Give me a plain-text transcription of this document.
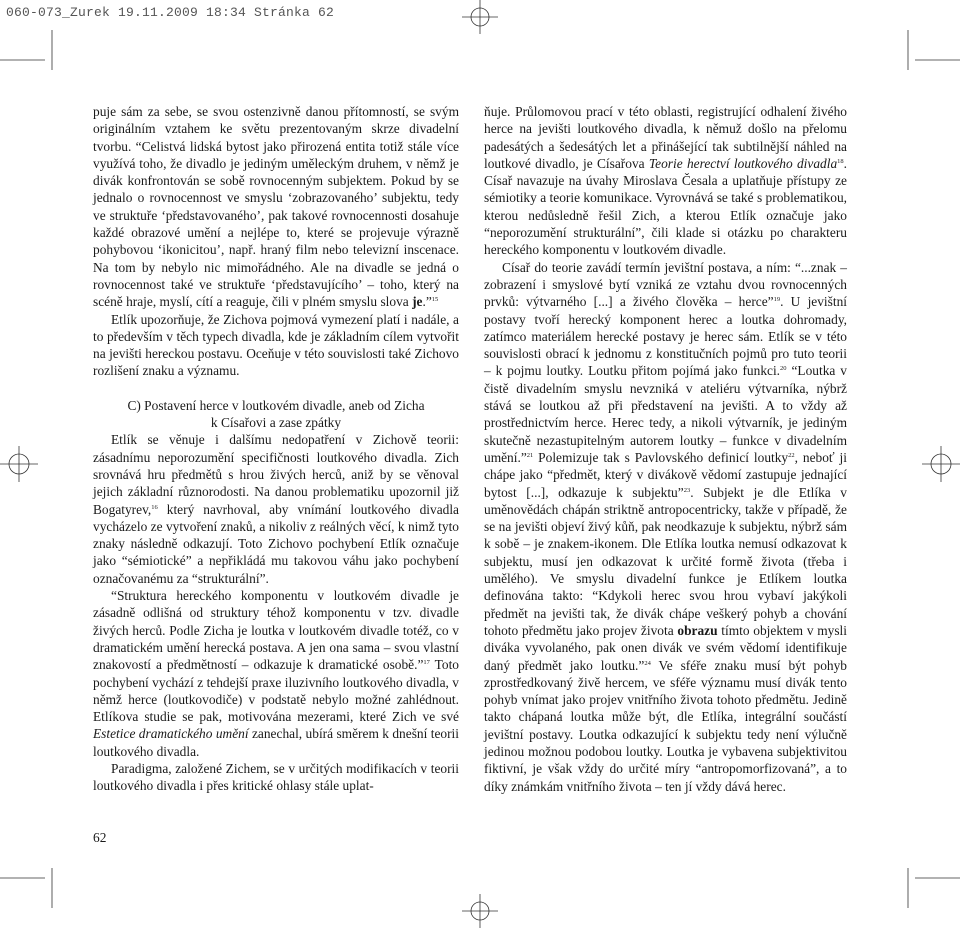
060-073_Zurek 19.11.2009 18:34 Stránka 62

puje sám za sebe, se svou ostenzivně danou přítomností, se svým originálním vztahem ke světu prezentovaným skrze divadelní tvorbu. “Celistvá lidská bytost jako přirozená entita totiž stále více využívá toho, že divadlo je jediným uměleckým druhem, v němž je divák konfrontován se sobě rovnocenným subjektem. Pokud by se jednalo o rovnocennost ve smyslu ‘zobrazovaného’ subjektu, tedy ve struktuře ‘představovaného’, pak takové rovnocennosti dosahuje každé obrazové umění a nejlépe to, které se projevuje výrazně pohybovou ‘ikonicitou’, např. hraný film nebo televizní inscenace. Na tom by nebylo nic mimořádného. Ale na divadle se jedná o rovnocennost také ve struktuře ‘představujícího’ – toho, který na scéně hraje, myslí, cítí a reaguje, čili v plném smyslu slova je.”$^{15}$

Etlík upozorňuje, že Zichova pojmová vymezení platí i nadále, a to především v těch typech divadla, kde je základním cílem vytvořit na jevišti hereckou postavu. Oceňuje v této souvislosti také Zichovo rozlišení znaku a významu.

C) Postavení herce v loutkovém divadle, aneb od Zicha
k Císařovi a zase zpátky

Etlík se věnuje i dalšímu nedopatření v Zichově teorii: zásadnímu neporozumění specifičnosti loutkového divadla. Zich srovnává hru předmětů s hrou živých herců, aniž by se věnoval jejich základní různorodosti. Na danou problematiku upozornil již Bogatyrev,$^{16}$ který navrhoval, aby vnímání loutkového divadla vycházelo ze vytvoření znaků, a nikoliv z reálných věcí, k nimž tyto znaky následně odkazují. Toto Zichovo pochybení Etlík označuje jako “sémiotické” a nepřikládá mu takovou váhu jako pochybení označovanému za “strukturální”.

“Struktura hereckého komponentu v loutkovém divadle je zásadně odlišná od struktury téhož komponentu v tzv. divadle živých herců. Podle Zicha je loutka v loutkovém divadle totéž, co v dramatickém umění herecká postava. A jen ona sama – svou vlastní znakovostí a předmětností – odkazuje k dramatické osobě.”$^{17}$ Toto pochybení vychází z tehdejší praxe iluzivního loutkového divadla, v němž herce (loutkovodiče) v podstatě nebylo možné zahlédnout. Etlíkova studie se pak, motivována mezerami, které Zich ve své Estetice dramatického umění zanechal, ubírá směrem k dnešní teorii loutkového divadla.

Paradigma, založené Zichem, se v určitých modifikacích v teorii loutkového divadla i přes kritické ohlasy stále uplat-

ňuje. Průlomovou prací v této oblasti, registrující odhalení živého herce na jevišti loutkového divadla, k němuž došlo na přelomu padesátých a šedesátých let a přinášející tak subtilnější náhled na loutkové divadlo, je Císařova Teorie herectví loutkového divadla$^{18}$. Císař navazuje na úvahy Miroslava Česala a uplatňuje přístupy ze sémiotiky a teorie komunikace. Vyrovnává se také s problematikou, kterou nedůsledně řešil Zich, a kterou Etlík označuje jako “neporozumění strukturální”, čili klade si otázku po charakteru hereckého komponentu v loutkovém divadle.

Císař do teorie zavádí termín jevištní postava, a ním: “...znak – zobrazení i smyslové bytí vzniká ze vztahu dvou rovnocenných prvků: výtvarného [...] a živého člověka – herce”$^{19}$. U jevištní postavy tvoří herecký komponent herec a loutka dohromady, zatímco materiálem herecké postavy je herec sám. Etlík se v této souvislosti obrací k jednomu z konstitučních pojmů pro tuto teorii – k pojmu loutky. Loutku přitom pojímá jako funkci.$^{20}$ “Loutka v čistě divadelním smyslu nevzniká v ateliéru výtvarníka, nýbrž stává se loutkou až při představení na jevišti. A to vždy až prostřednictvím herce. Herec tedy, a nikoli výtvarník, je jediným skutečně nezastupitelným autorem loutky – funkce v divadelním umění.”$^{21}$ Polemizuje tak s Pavlovského definicí loutky$^{22}$, neboť ji chápe jako “předmět, který v divákově vědomí zastupuje jednající bytost [...], odkazuje k subjektu”$^{23}$. Subjekt je dle Etlíka v uměnovědách chápán striktně antropocentricky, takže v případě, že se na jevišti objeví živý kůň, pak neodkazuje k subjektu, nýbrž sám k sobě – je znakem-ikonem. Dle Etlíka loutka nemusí odkazovat k subjektu, musí jen odkazovat k určité formě života (třeba i umělého). Ve smyslu divadelní funkce je Etlíkem loutka definována takto: “Kdykoli herec svou hrou vybaví jakýkoli předmět na jevišti tak, že divák chápe veškerý pohyb a chování tohoto předmětu jako projev života obrazu tímto objektem v mysli diváka vyvolaného, pak onen divák ve svém vědomí identifikuje daný předmět jako loutku.”$^{24}$ Ve sféře znaku musí být pohyb zprostředkovaný živě hercem, ve sféře významu musí divák tento pohyb vnímat jako projev vnitřního života tohoto předmětu. Jedině takto chápaná loutka může být, dle Etlíka, integrální součástí jevištní postavy. Loutka odkazující k subjektu tedy není výlučně jedinou možnou podobou loutky. Loutka je vybavena subjektivitou fiktivní, je však vždy do určité míry “antropomorfizovaná”, a to díky známkám vnitřního života – ten jí vždy dává herec.

62
